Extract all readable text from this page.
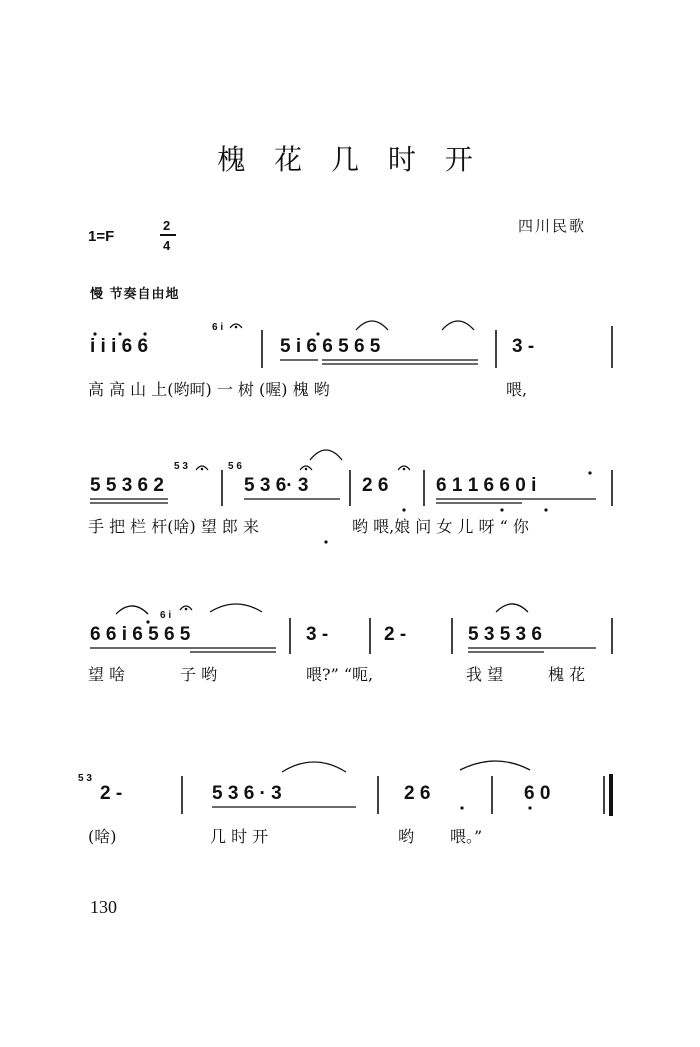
槐 花 几 时 开
四川民歌
1=F
2
4
慢 节奏自由地
i i i 6 6
6 i
5 i 6 6 5 6 5	3 -
高 高 山 上(哟呵) 一 树 (喔) 槐 哟	喂,
5 5 3 6 2
5 3	5 6
5 3 6· 3	2 6	6 1 1 6 6 0 i
手 把 栏 杆(啥) 望 郎 来	哟 喂,娘 问 女 儿 呀 “ 你
6 6 i 6 5 6 5
6 i
3 -	2 -	5 3 5 3 6
望 啥	子 哟	喂?” “呃,	我 望	槐 花
5 3
2 -	5 3 6 · 3	2 6	6 0
(啥)	几 时 开	哟 喂。”
130
